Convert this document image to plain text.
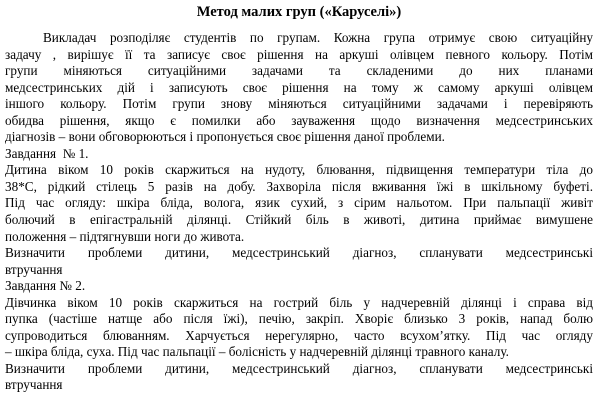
Метод малих груп («Каруселі»)
Викладач розподіляє студентів по групам. Кожна група отримує свою ситуаційну
задачу , вирішує її та записує своє рішення на аркуші олівцем певного кольору. Потім
групи міняються ситуаційними задачами та складеними до них планами
медсестринських дій і записують своє рішення на тому ж самому аркуші олівцем
іншого кольору. Потім групи знову міняються ситуаційними задачами і перевіряють
обидва рішення, якщо є помилки або зауваження щодо визначення медсестринських
діагнозів – вони обговорюються і пропонується своє рішення даної проблеми.
Завдання  № 1.
Дитина віком 10 років скаржиться на нудоту, блювання, підвищення температури тіла до
38*С, рідкий стілець 5 разів на добу. Захворіла після вживання їжі в шкільному буфеті.
Під час огляду: шкіра бліда, волога, язик сухий, з сірим нальотом. При пальпації живіт
болючий в епігастральній ділянці. Стійкий біль в животі, дитина приймає вимушене
положення – підтягнувши ноги до живота.
Визначити проблеми дитини, медсестринський діагноз, спланувати медсестринські
втручання
Завдання № 2.
Дівчинка віком 10 років скаржиться на гострий біль у надчеревній ділянці і справа від
пупка (частіше натще або після їжі), печію, закріп. Хворіє близько 3 років, напад болю
супроводиться блюванням. Харчується нерегулярно, часто всухом’ятку. Під час огляду
– шкіра бліда, суха. Під час пальпації – болісність у надчеревній ділянці травного каналу.
Визначити проблеми дитини, медсестринський діагноз, спланувати медсестринські
втручання
